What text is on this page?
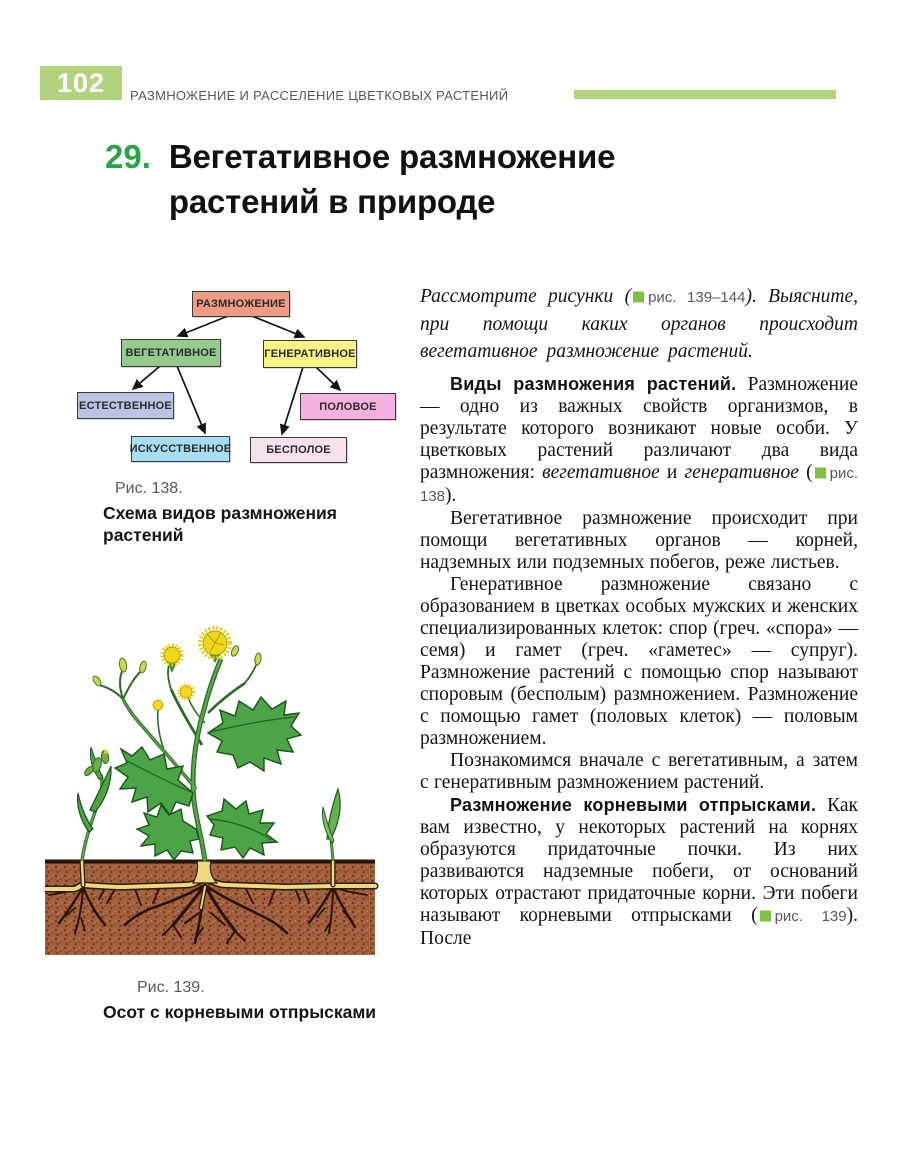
102 РАЗМНОЖЕНИЕ И РАССЕЛЕНИЕ ЦВЕТКОВЫХ РАСТЕНИЙ
29. Вегетативное размножение растений в природе
РАЗМНОЖЕНИЕ
ВЕГЕТАТИВНОЕ	ГЕНЕРАТИВНОЕ
ЕСТЕСТВЕННОЕ	ПОЛОВОЕ
ИСКУССТВЕННОЕ	БЕСПОЛОЕ
Рис. 138.
Схема видов размножения растений
Рис. 139.
Осот с корневыми отпрысками

Рассмотрите рисунки ( рис. 139–144). Выясните, при помощи каких органов происходит вегетативное размножение растений.

Виды размножения растений. Размножение — одно из важных свойств организмов, в результате которого возникают новые особи. У цветковых растений различают два вида размножения: вегетативное и генеративное ( рис. 138).

Вегетативное размножение происходит при помощи вегетативных органов — корней, надземных или подземных побегов, реже листьев.

Генеративное размножение связано с образованием в цветках особых мужских и женских специализированных клеток: спор (греч. «спора» — семя) и гамет (греч. «гаметес» — супруг). Размножение растений с помощью спор называют споровым (бесполым) размножением. Размножение с помощью гамет (половых клеток) — половым размножением.

Познакомимся вначале с вегетативным, а затем с генеративным размножением растений.

Размножение корневыми отпрысками. Как вам известно, у некоторых растений на корнях образуются придаточные почки. Из них развиваются надземные побеги, от оснований которых отрастают придаточные корни. Эти побеги называют корневыми отпрысками ( рис. 139). После
